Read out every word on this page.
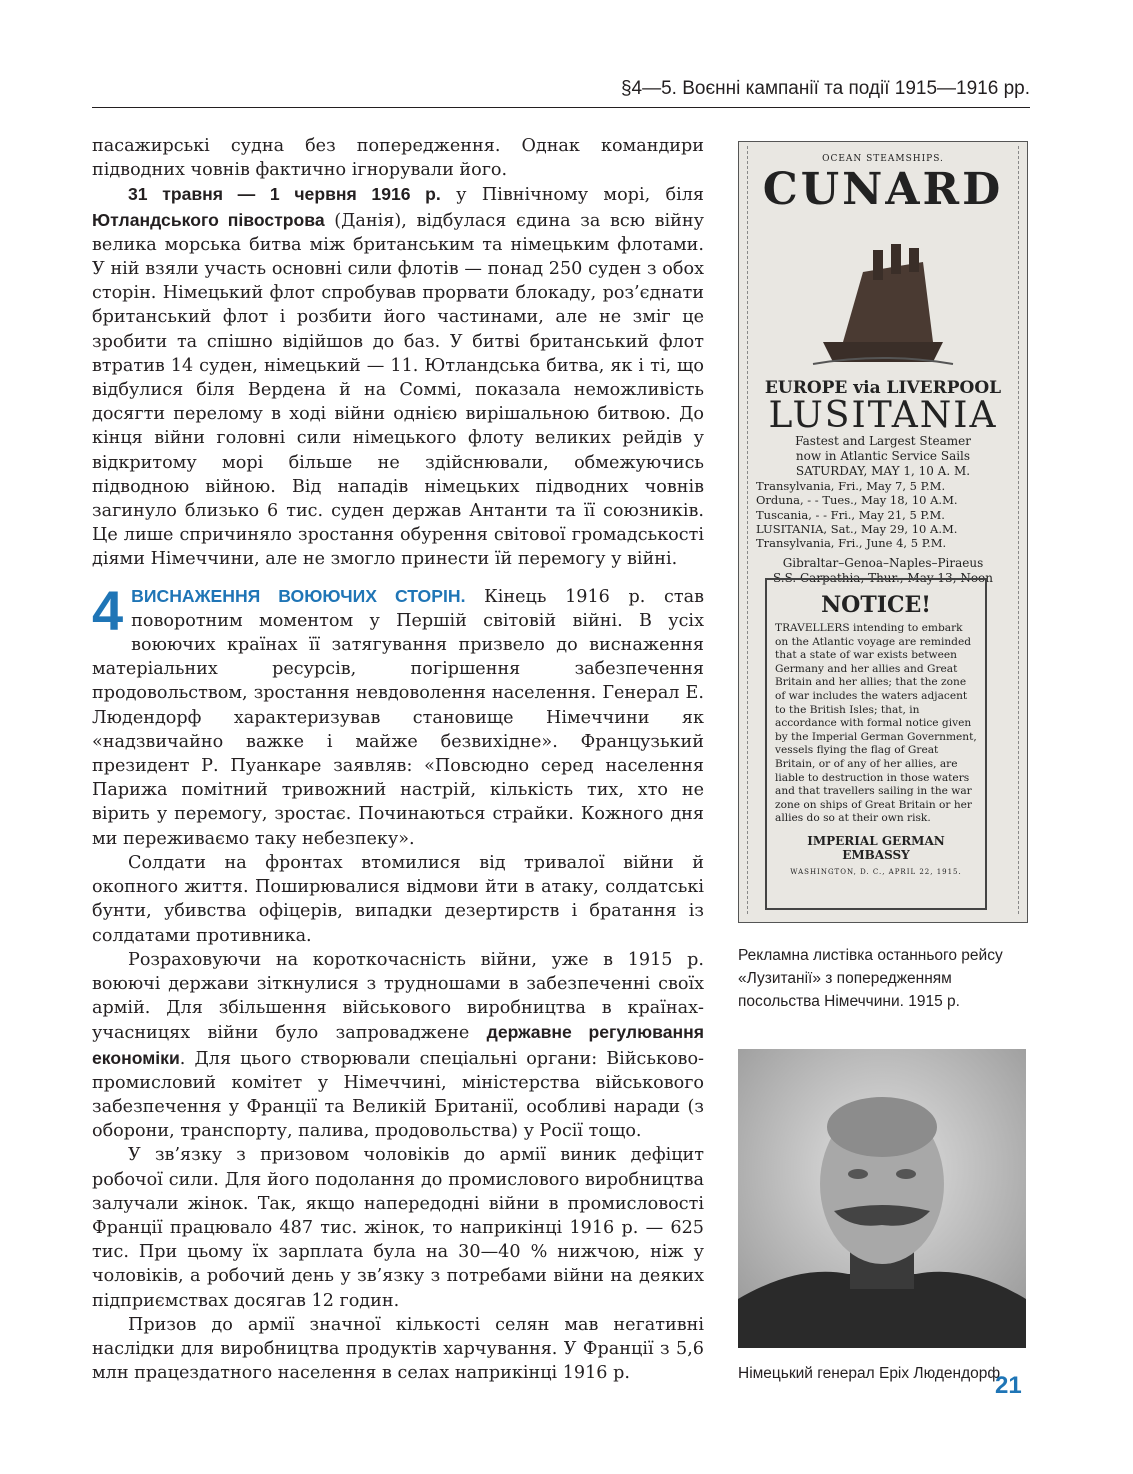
§4—5. Воєнні кампанії та події 1915—1916 рр.

пасажирські судна без попередження. Однак командири підводних човнів фактично ігнорували його.

31 травня — 1 червня 1916 р. у Північному морі, біля Ютландського півострова (Данія), відбулася єдина за всю війну велика морська битва між британським та німецьким флотами. У ній взяли участь основні сили флотів — понад 250 суден з обох сторін. Німецький флот спробував прорвати блокаду, роз’єднати британський флот і розбити його частинами, але не зміг це зробити та спішно відійшов до баз. У битві британський флот втратив 14 суден, німецький — 11. Ютландська битва, як і ті, що відбулися біля Вердена й на Соммі, показала неможливість досягти перелому в ході війни однією вирішальною битвою. До кінця війни головні сили німецького флоту великих рейдів у відкритому морі більше не здійснювали, обмежуючись підводною війною. Від нападів німецьких підводних човнів загинуло близько 6 тис. суден держав Антанти та її союзників. Це лише спричиняло зростання обурення світової громадськості діями Німеччини, але не змогло принести їй перемогу у війні.

4 ВИСНАЖЕННЯ ВОЮЮЧИХ СТОРІН. Кінець 1916 р. став поворотним моментом у Першій світовій війні. В усіх воюючих країнах її затягування призвело до виснаження матеріальних ресурсів, погіршення забезпечення продовольством, зростання невдоволення населення. Генерал Е. Людендорф характеризував становище Німеччини як «надзвичайно важке і майже безвихідне». Французький президент Р. Пуанкаре заявляв: «Повсюдно серед населення Парижа помітний тривожний настрій, кількість тих, хто не вірить у перемогу, зростає. Починаються страйки. Кожного дня ми переживаємо таку небезпеку».

Солдати на фронтах втомилися від тривалої війни й окопного життя. Поширювалися відмови йти в атаку, солдатські бунти, убивства офіцерів, випадки дезертирств і братання із солдатами противника.

Розраховуючи на короткочасність війни, уже в 1915 р. воюючі держави зіткнулися з трудношами в забезпеченні своїх армій. Для збільшення військового виробництва в країнах-учасницях війни було запроваджене державне регулювання економіки. Для цього створювали спеціальні органи: Військово-промисловий комітет у Німеччині, міністерства військового забезпечення у Франції та Великій Британії, особливі наради (з оборони, транспорту, палива, продовольства) у Росії тощо.

У зв’язку з призовом чоловіків до армії виник дефіцит робочої сили. Для його подолання до промислового виробництва залучали жінок. Так, якщо напередодні війни в промисловості Франції працювало 487 тис. жінок, то наприкінці 1916 р. — 625 тис. При цьому їх зарплата була на 30—40 % нижчою, ніж у чоловіків, а робочий день у зв’язку з потребами війни на деяких підприємствах досягав 12 годин.

Призов до армії значної кількості селян мав негативні наслідки для виробництва продуктів харчування. У Франції з 5,6 млн працездатного населення в селах наприкінці 1916 р.

OCEAN STEAMSHIPS.
CUNARD
EUROPE via LIVERPOOL
LUSITANIA
Fastest and Largest Steamer
now in Atlantic Service Sails
SATURDAY, MAY 1, 10 A. M.
Transylvania, Fri., May 7, 5 P.M.
Orduna, - - Tues., May 18, 10 A.M.
Tuscania, - - Fri., May 21, 5 P.M.
LUSITANIA, Sat., May 29, 10 A.M.
Transylvania, Fri., June 4, 5 P.M.
Gibraltar–Genoa–Naples–Piraeus
S.S. Carpathia, Thur., May 13, Noon
NOTICE!
TRAVELLERS intending to embark on the Atlantic voyage are reminded that a state of war exists between Germany and her allies and Great Britain and her allies; that the zone of war includes the waters adjacent to the British Isles; that, in accordance with formal notice given by the Imperial German Government, vessels flying the flag of Great Britain, or of any of her allies, are liable to destruction in those waters and that travellers sailing in the war zone on ships of Great Britain or her allies do so at their own risk.
IMPERIAL GERMAN EMBASSY
WASHINGTON, D. C., APRIL 22, 1915.
Рекламна листівка останнього рейсу «Лузитанії» з попередженням посольства Німеччини. 1915 р.
Німецький генерал Еріх Людендорф
21
